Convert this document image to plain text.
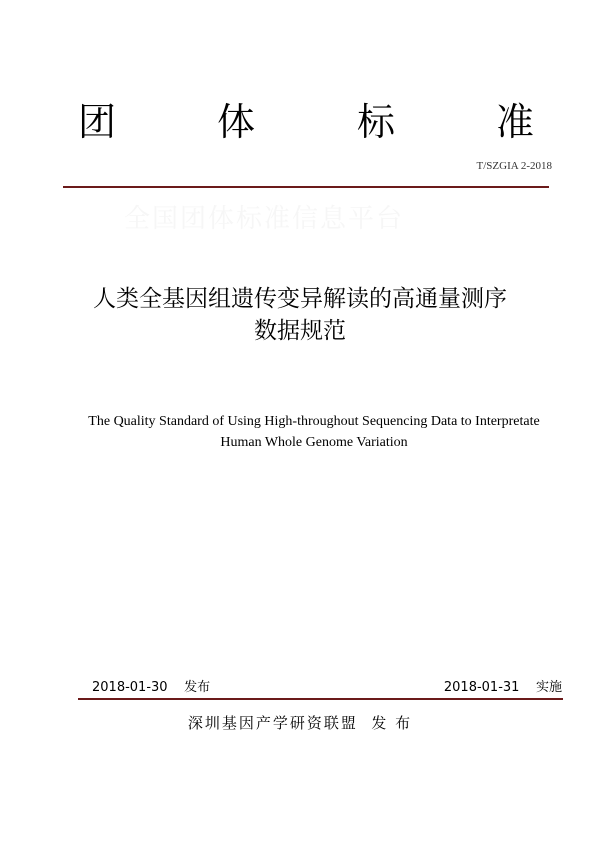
团	体	标	准
T/SZGIA 2-2018
全国团体标准信息平台
人类全基因组遗传变异解读的高通量测序
数据规范
The Quality Standard of Using High-throughout Sequencing Data to Interpretate
Human Whole Genome Variation
2018-01-30 发布	2018-01-31 实施
深圳基因产学研资联盟 发 布
